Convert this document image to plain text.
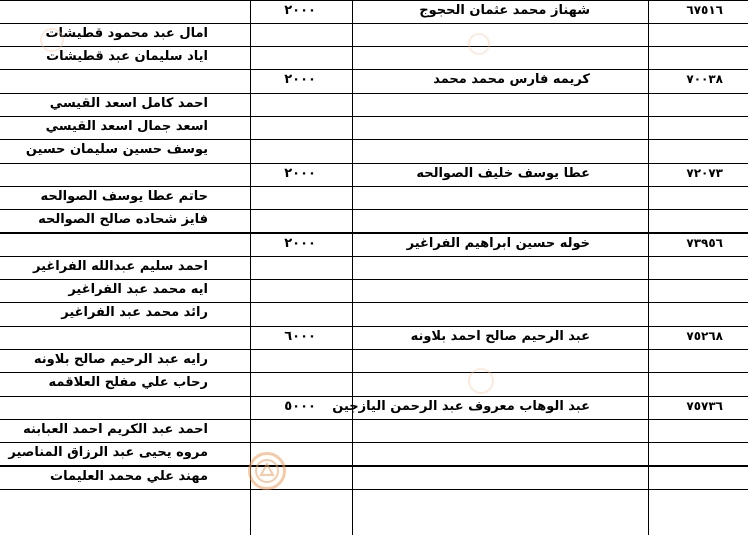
٦٧٥١٦
شهناز محمد عثمان الحجوج
٢٠٠٠
امال عبد محمود قطيشات
اياد سليمان عبد قطيشات
٧٠٠٣٨
كريمه فارس محمد محمد
٢٠٠٠
احمد كامل اسعد القيسي
اسعد جمال اسعد القيسي
يوسف حسين سليمان حسين
٧٢٠٧٣
عطا يوسف خليف الصوالحه
٢٠٠٠
حاتم عطا يوسف الصوالحه
فايز شحاده صالح الصوالحه
٧٣٩٥٦
خوله حسين ابراهيم الفراغير
٢٠٠٠
احمد سليم عبدالله الفراغير
ايه محمد عبد الفراغير
رائد محمد عبد الفراغير
٧٥٢٦٨
عبد الرحيم صالح احمد بلاونه
٦٠٠٠
رايه عبد الرحيم صالح بلاونه
رحاب علي مفلح العلاقمه
٧٥٧٣٦
عبد الوهاب معروف عبد الرحمن اليازجين
٥٠٠٠
احمد عبد الكريم احمد العبابنه
مروه يحيى عبد الرزاق المناصير
مهند علي محمد العليمات
